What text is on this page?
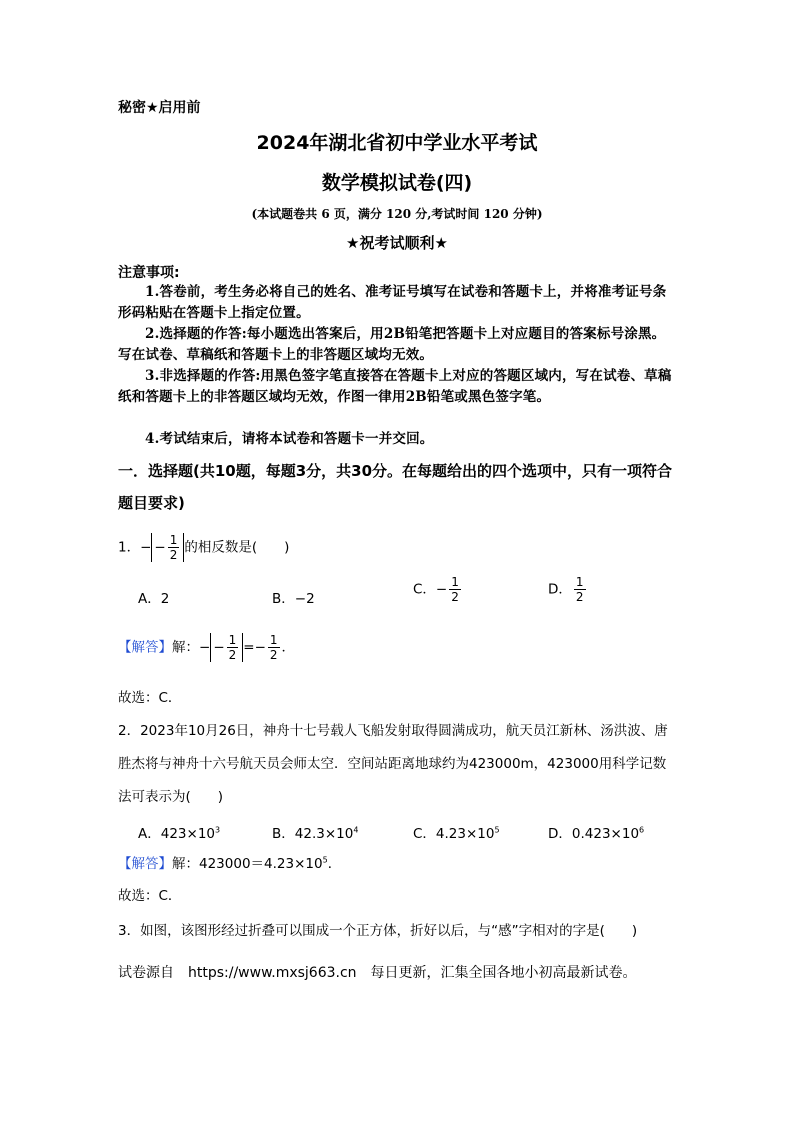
秘密★启用前
2024年湖北省初中学业水平考试
数学模拟试卷(四)
(本试题卷共 6 页，满分 120 分,考试时间 120 分钟)
★祝考试顺利★
注意事项:

1.答卷前，考生务必将自己的姓名、准考证号填写在试卷和答题卡上，并将准考证号条形码粘贴在答题卡上指定位置。

2.选择题的作答:每小题选出答案后，用2B铅笔把答题卡上对应题目的答案标号涂黑。写在试卷、草稿纸和答题卡上的非答题区域均无效。

3.非选择题的作答:用黑色签字笔直接答在答题卡上对应的答题区域内，写在试卷、草稿纸和答题卡上的非答题区域均无效，作图一律用2B铅笔或黑色签字笔。

4.考试结束后，请将本试卷和答题卡一并交回。

一．选择题(共10题，每题3分，共30分。在每题给出的四个选项中，只有一项符合题目要求)
1．− − $\frac{1}{2}$ 的相反数是(　　)
A．2	B．−2
C．− $\frac{1}{2}$	D． $\frac{1}{2}$
【解答】解：− − $\frac{1}{2} =- \frac{1}{2}$ ．
故选：C．
2．2023年10月26日，神舟十七号载人飞船发射取得圆满成功，航天员江新林、汤洪波、唐胜杰将与神舟十六号航天员会师太空．空间站距离地球约为423000m，423000用科学记数法可表示为(　　)
A．$423\times 10^3$	B．$42.3\times 10^4$	C．$4.23\times 10^5$	D．$0.423\times 10^6$
【解答】解：$423000=4.23\times 10^5$．
故选：C．
3．如图，该图形经过折叠可以围成一个正方体，折好以后，与“感”字相对的字是(　　)
试卷源自 https://www.mxsj663.cn 每日更新，汇集全国各地小初高最新试卷。
